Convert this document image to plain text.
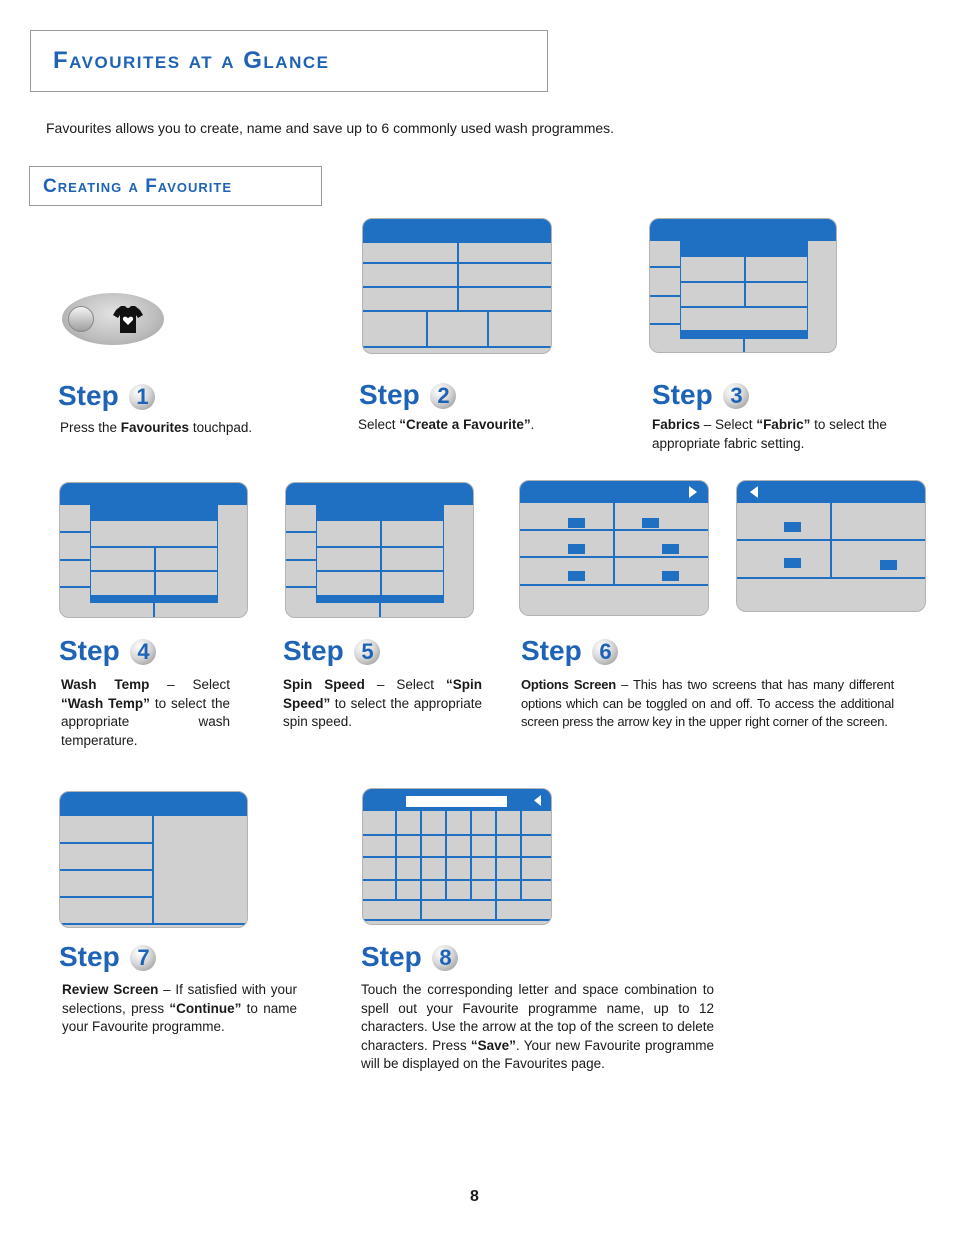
Favourites at a Glance
Favourites allows you to create, name and save up to 6 commonly used wash programmes.
Creating a Favourite
Step 1	Step 2	Step 3
Step 4	Step 5	Step 6
Step 7	Step 8
Press the Favourites touchpad.	Select “Create a Favourite”.	Fabrics – Select “Fabric” to select the appropriate fabric setting.
Wash Temp – Select “Wash Temp” to select the appropriate wash temperature.
Spin Speed – Select “Spin Speed” to select the appropriate spin speed.
Options Screen – This has two screens that has many different options which can be toggled on and off. To access the additional screen press the arrow key in the upper right corner of the screen.
Review Screen – If satisfied with your selections, press “Continue” to name your Favourite programme.
Touch the corresponding letter and space combination to spell out your Favourite programme name, up to 12 characters. Use the arrow at the top of the screen to delete characters. Press “Save”. Your new Favourite programme will be displayed on the Favourites page.
8
